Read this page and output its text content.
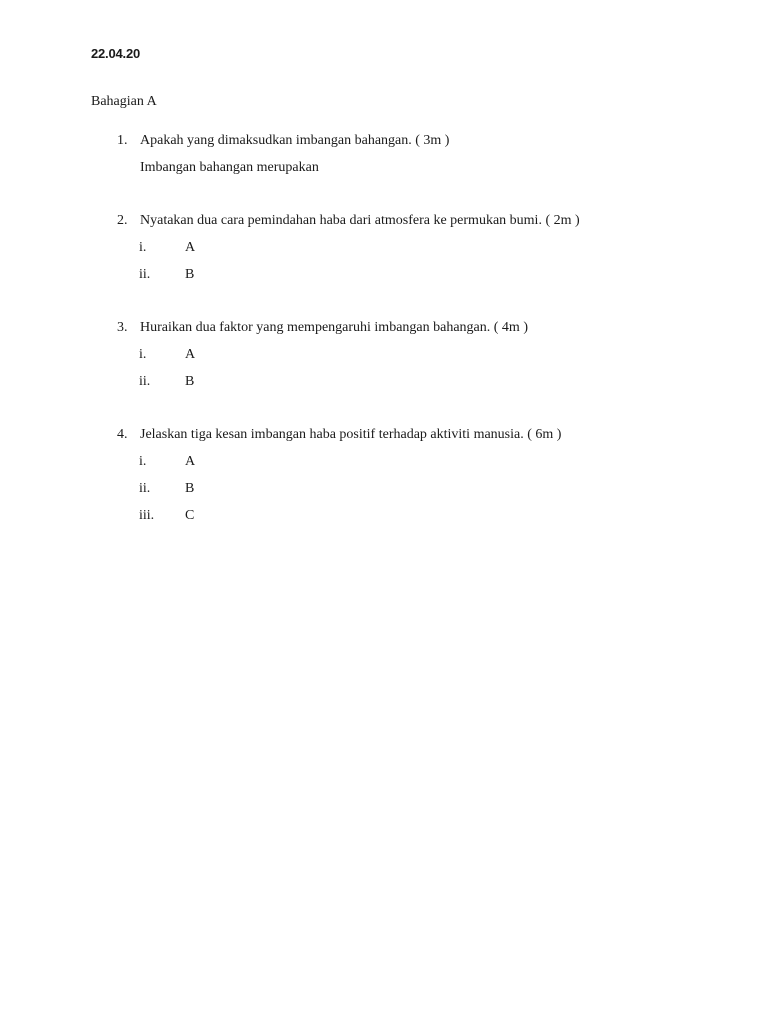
22.04.20
Bahagian A
1. Apakah yang dimaksudkan imbangan bahangan. ( 3m )
Imbangan bahangan merupakan
2. Nyatakan dua cara pemindahan haba dari atmosfera ke permukan bumi. ( 2m )
i.	A
ii. B
3. Huraikan dua faktor yang mempengaruhi imbangan bahangan. ( 4m )
i.	A
ii. B
4. Jelaskan tiga kesan imbangan haba positif terhadap aktiviti manusia. ( 6m )
i.	A
ii. B
iii. C
